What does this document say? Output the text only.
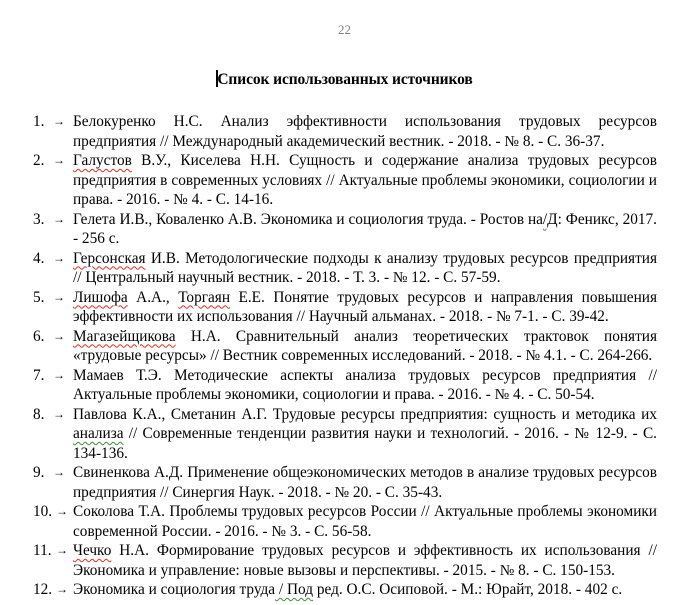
22
Список использованных источников
1. → Белокуренко Н.С. Анализ эффективности использования трудовых ресурсов предприятия // Международный академический вестник. - 2018. - № 8. - С. 36-37.
2. → Галустов В.У., Киселева Н.Н. Сущность и содержание анализа трудовых ресурсов предприятия в современных условиях // Актуальные проблемы экономики, социологии и права. - 2016. - № 4. - С. 14-16.
3. → Гелета И.В., Коваленко А.В. Экономика и социология труда. - Ростов на/Д: Феникс, 2017. - 256 с.
4. → Герсонская И.В. Методологические подходы к анализу трудовых ресурсов предприятия // Центральный научный вестник. - 2018. - Т. 3. - № 12. - С. 57-59.
5. → Лишофа А.А., Торгаян Е.Е. Понятие трудовых ресурсов и направления повышения эффективности их использования // Научный альманах. - 2018. - № 7-1. - С. 39-42.
6. → Магазейщикова Н.А. Сравнительный анализ теоретических трактовок понятия «трудовые ресурсы» // Вестник современных исследований. - 2018. - № 4.1. - С. 264-266.
7. → Мамаев Т.Э. Методические аспекты анализа трудовых ресурсов предприятия // Актуальные проблемы экономики, социологии и права. - 2016. - № 4. - С. 50-54.
8. → Павлова К.А., Сметанин А.Г. Трудовые ресурсы предприятия: сущность и методика их анализа // Современные тенденции развития науки и технологий. - 2016. - № 12-9. - С. 134-136.
9. → Свиненкова А.Д. Применение общеэкономических методов в анализе трудовых ресурсов предприятия // Синергия Наук. - 2018. - № 20. - С. 35-43.
10. → Соколова Т.А. Проблемы трудовых ресурсов России // Актуальные проблемы экономики современной России. - 2016. - № 3. - С. 56-58.
11. → Чечко Н.А. Формирование трудовых ресурсов и эффективность их использования // Экономика и управление: новые вызовы и перспективы. - 2015. - № 8. - С. 150-153.
12. → Экономика и социология труда / Под ред. О.С. Осиповой. - М.: Юрайт, 2018. - 402 с.
